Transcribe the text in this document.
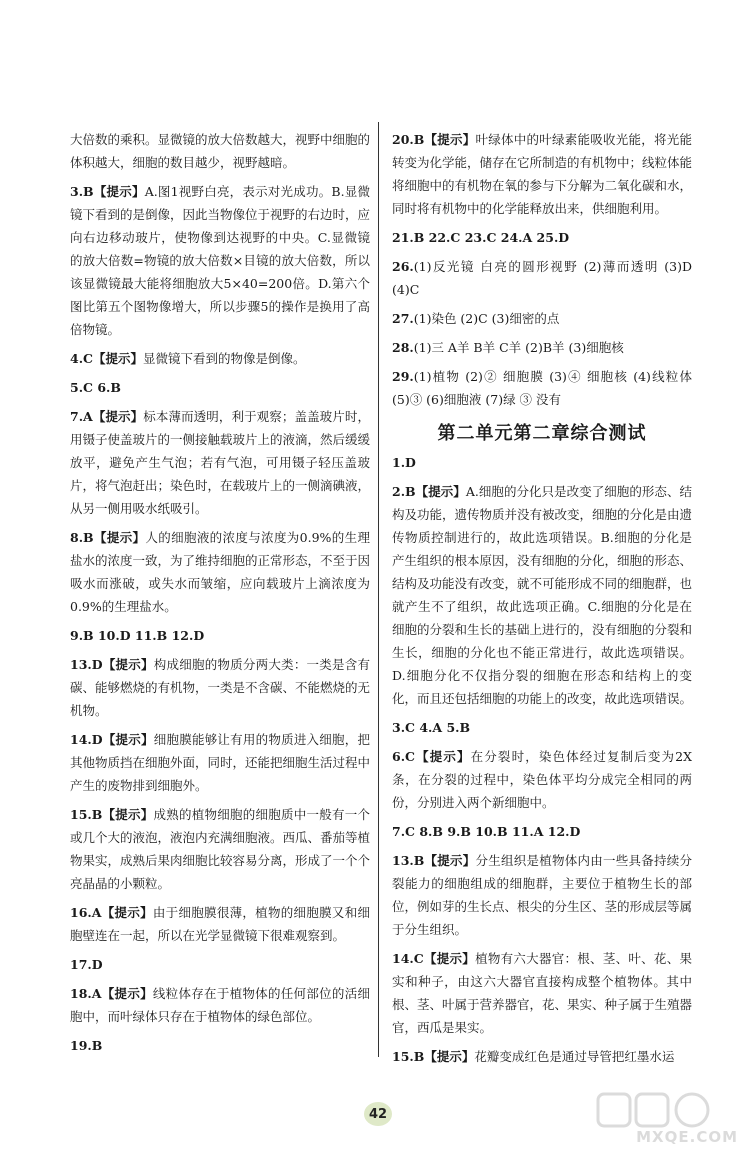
大倍数的乘积。显微镜的放大倍数越大，视野中细胞的体积越大，细胞的数目越少，视野越暗。

3.B【提示】A.图1视野白亮，表示对光成功。B.显微镜下看到的是倒像，因此当物像位于视野的右边时，应向右边移动玻片，使物像到达视野的中央。C.显微镜的放大倍数=物镜的放大倍数×目镜的放大倍数，所以该显微镜最大能将细胞放大5×40=200倍。D.第六个图比第五个图物像增大，所以步骤5的操作是换用了高倍物镜。

4.C【提示】显微镜下看到的物像是倒像。

5.C 6.B

7.A【提示】标本薄而透明，利于观察；盖盖玻片时，用镊子使盖玻片的一侧接触载玻片上的液滴，然后缓缓放平，避免产生气泡；若有气泡，可用镊子轻压盖玻片，将气泡赶出；染色时，在载玻片上的一侧滴碘液，从另一侧用吸水纸吸引。

8.B【提示】人的细胞液的浓度与浓度为0.9%的生理盐水的浓度一致，为了维持细胞的正常形态，不至于因吸水而涨破，或失水而皱缩，应向载玻片上滴浓度为0.9%的生理盐水。

9.B 10.D 11.B 12.D

13.D【提示】构成细胞的物质分两大类：一类是含有碳、能够燃烧的有机物，一类是不含碳、不能燃烧的无机物。

14.D【提示】细胞膜能够让有用的物质进入细胞，把其他物质挡在细胞外面，同时，还能把细胞生活过程中产生的废物排到细胞外。

15.B【提示】成熟的植物细胞的细胞质中一般有一个或几个大的液泡，液泡内充满细胞液。西瓜、番茄等植物果实，成熟后果肉细胞比较容易分离，形成了一个个亮晶晶的小颗粒。

16.A【提示】由于细胞膜很薄，植物的细胞膜又和细胞壁连在一起，所以在光学显微镜下很难观察到。

17.D

18.A【提示】线粒体存在于植物体的任何部位的活细胞中，而叶绿体只存在于植物体的绿色部位。

19.B

20.B【提示】叶绿体中的叶绿素能吸收光能，将光能转变为化学能，储存在它所制造的有机物中；线粒体能将细胞中的有机物在氧的参与下分解为二氧化碳和水，同时将有机物中的化学能释放出来，供细胞利用。

21.B 22.C 23.C 24.A 25.D

26.(1)反光镜 白亮的圆形视野 (2)薄而透明 (3)D (4)C

27.(1)染色 (2)C (3)细密的点

28.(1)三 A羊 B羊 C羊 (2)B羊 (3)细胞核

29.(1)植物 (2)② 细胞膜 (3)④ 细胞核 (4)线粒体 (5)③ (6)细胞液 (7)绿 ③ 没有

第二单元第二章综合测试

1.D

2.B【提示】A.细胞的分化只是改变了细胞的形态、结构及功能，遗传物质并没有被改变，细胞的分化是由遗传物质控制进行的，故此选项错误。B.细胞的分化是产生组织的根本原因，没有细胞的分化，细胞的形态、结构及功能没有改变，就不可能形成不同的细胞群，也就产生不了组织，故此选项正确。C.细胞的分化是在细胞的分裂和生长的基础上进行的，没有细胞的分裂和生长，细胞的分化也不能正常进行，故此选项错误。D.细胞分化不仅指分裂的细胞在形态和结构上的变化，而且还包括细胞的功能上的改变，故此选项错误。

3.C 4.A 5.B

6.C【提示】在分裂时，染色体经过复制后变为2X条，在分裂的过程中，染色体平均分成完全相同的两份，分别进入两个新细胞中。

7.C 8.B 9.B 10.B 11.A 12.D

13.B【提示】分生组织是植物体内由一些具备持续分裂能力的细胞组成的细胞群，主要位于植物生长的部位，例如芽的生长点、根尖的分生区、茎的形成层等属于分生组织。

14.C【提示】植物有六大器官：根、茎、叶、花、果实和种子，由这六大器官直接构成整个植物体。其中根、茎、叶属于营养器官，花、果实、种子属于生殖器官，西瓜是果实。

15.B【提示】花瓣变成红色是通过导管把红墨水运

42
MXQE.COM
